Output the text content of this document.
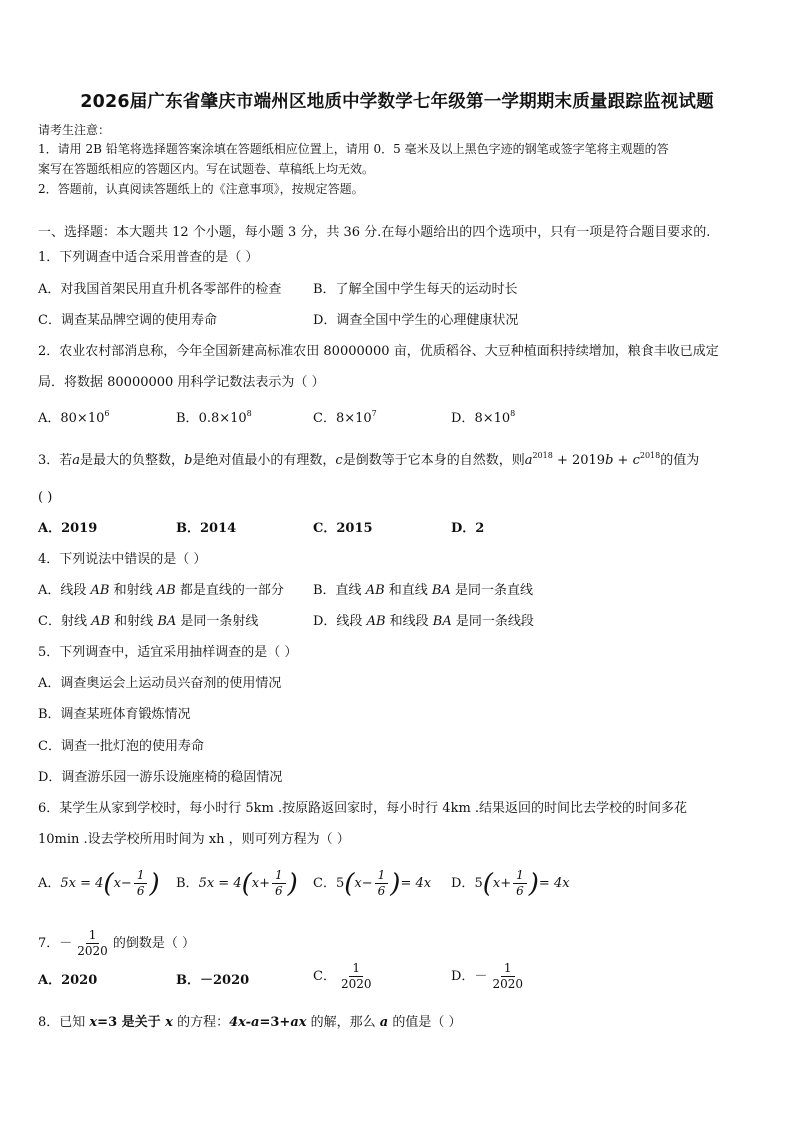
2026届广东省肇庆市端州区地质中学数学七年级第一学期期末质量跟踪监视试题
请考生注意：
1．请用 2B 铅笔将选择题答案涂填在答题纸相应位置上，请用 0．5 毫米及以上黑色字迹的钢笔或签字笔将主观题的答
案写在答题纸相应的答题区内。写在试题卷、草稿纸上均无效。
2．答题前，认真阅读答题纸上的《注意事项》，按规定答题。
一、选择题：本大题共 12 个小题，每小题 3 分，共 36 分.在每小题给出的四个选项中，只有一项是符合题目要求的.
1．下列调查中适合采用普查的是（ ）
A．对我国首架民用直升机各零部件的检查 B．了解全国中学生每天的运动时长
C．调查某品牌空调的使用寿命	D．调查全国中学生的心理健康状况
2．农业农村部消息称，今年全国新建高标准农田 80000000 亩，优质稻谷、大豆种植面积持续增加，粮食丰收已成定
局．将数据 80000000 用科学记数法表示为（ ）
A．$80\times 10^6$	B．$0.8\times 10^8$	C．$8\times 10^7$	D．$8\times 10^8$
3．若a是最大的负整数，b是绝对值最小的有理数，c是倒数等于它本身的自然数，则$a^{2018} + 2019b + c^{2018}$的值为
( )
A．2019	B．2014	C．2015	D．2
4．下列说法中错误的是（ ）
A．线段 AB 和射线 AB 都是直线的一部分 B．直线 AB 和直线 BA 是同一条直线
C．射线 AB 和射线 BA 是同一条射线	D．线段 AB 和线段 BA 是同一条线段
5．下列调查中，适宜采用抽样调查的是（ ）
A．调查奥运会上运动员兴奋剂的使用情况
B．调查某班体育锻炼情况
C．调查一批灯泡的使用寿命
D．调查游乐园一游乐设施座椅的稳固情况
6．某学生从家到学校时，每小时行 5km .按原路返回家时，每小时行 4km .结果返回的时间比去学校的时间多花
10min .设去学校所用时间为 xh ，则可列方程为（ ）
A． 5x = 4 ( $x - \frac{1}{6}$ ) B． 5x = 4 ( $x + \frac{1}{6}$ ) C． 5 ( $x - \frac{1}{6}$ ) = 4x D． 5 ( $x + \frac{1}{6}$ ) = 4x
7．－ $\frac{1}{2020}$ 的倒数是（ ）
A．2020	B．－2020	C． $\frac{1}{2020}$	D．－ $\frac{1}{2020}$
8．已知 x=3 是关于 x 的方程：4x-a=3+ax 的解，那么 a 的值是（ ）
